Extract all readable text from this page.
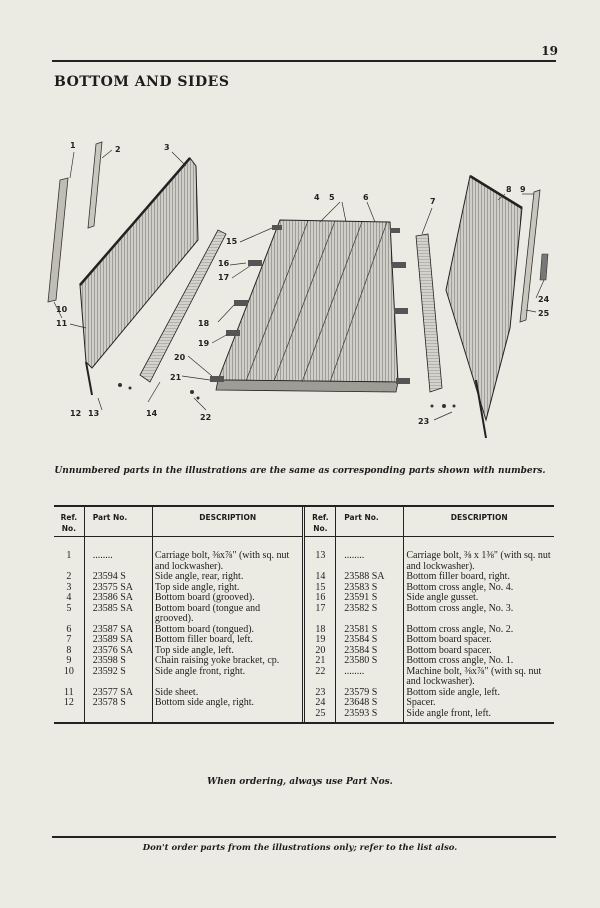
19
BOTTOM AND SIDES
1	2	3
4 5	6	7
8 9
10
11
12 13	14
15
16
17
18
19
20
21
22	23
24
25
Unnumbered parts in the illustrations are the same as corresponding parts shown with numbers.
Ref. No.	Part No.	DESCRIPTION	Ref. No.	Part No.	DESCRIPTION
1	........	Carriage bolt, ⅜x⅞" (with sq. nut and lockwasher).	13	........	Carriage bolt, ⅜ x 1⅜" (with sq. nut and lockwasher).
2	23594 S	Side angle, rear, right.	14	23588 SA	Bottom filler board, right.
3	23575 SA	Top side angle, right.	15	23583 S	Bottom cross angle, No. 4.
4	23586 SA	Bottom board (grooved).	16	23591 S	Side angle gusset.
5	23585 SA	Bottom board (tongue and grooved).	17	23582 S	Bottom cross angle, No. 3.
6	23587 SA	Bottom board (tongued).	18	23581 S	Bottom cross angle, No. 2.
7	23589 SA	Bottom filler board, left.	19	23584 S	Bottom board spacer.
8	23576 SA	Top side angle, left.	20	23584 S	Bottom board spacer.
9	23598 S	Chain raising yoke bracket, cp.	21	23580 S	Bottom cross angle, No. 1.
10	23592 S	Side angle front, right.	22	........	Machine bolt, ⅜x⅞" (with sq. nut and lockwasher).
11	23577 SA	Side sheet.	23	23579 S	Bottom side angle, left.
12	23578 S	Bottom side angle, right.	24	23648 S	Spacer.
			25	23593 S	Side angle front, left.
When ordering, always use Part Nos.
Don't order parts from the illustrations only; refer to the list also.
